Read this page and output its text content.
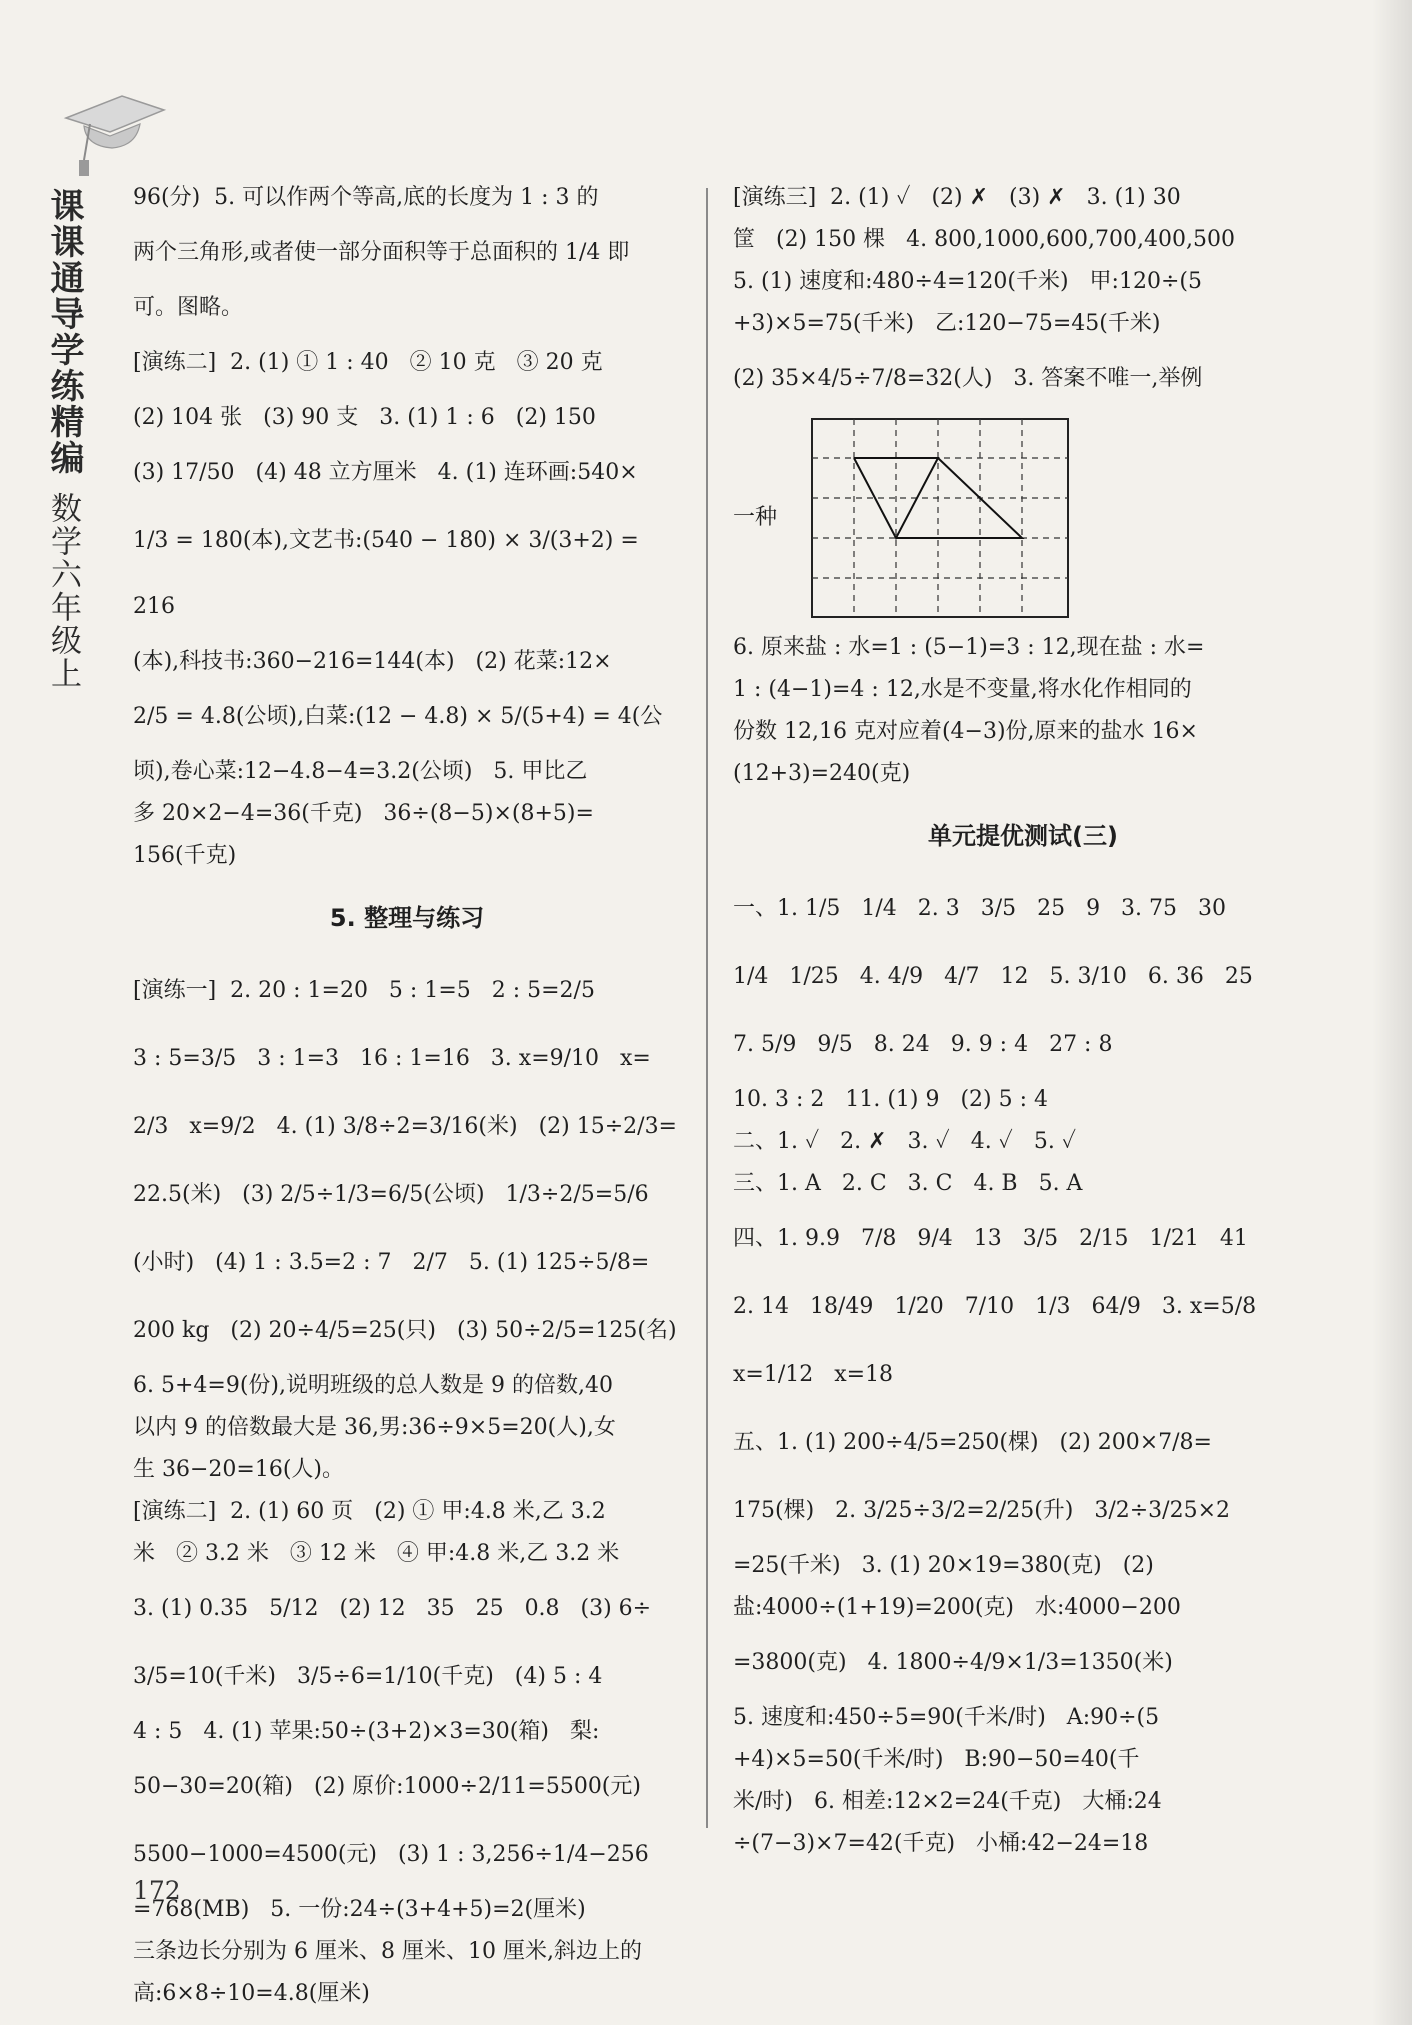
课课通导学练精编
数学六年级上

96(分)  5. 可以作两个等高,底的长度为 1 : 3 的

两个三角形,或者使一部分面积等于总面积的 1/4 即

可。图略。

[演练二]  2. (1) ① 1 : 40   ② 10 克   ③ 20 克

(2) 104 张   (3) 90 支   3. (1) 1 : 6   (2) 150

(3) 17/50   (4) 48 立方厘米   4. (1) 连环画:540×

1/3 = 180(本),文艺书:(540 − 180) × 3/(3+2) = 216

(本),科技书:360−216=144(本)   (2) 花菜:12×

2/5 = 4.8(公顷),白菜:(12 − 4.8) × 5/(5+4) = 4(公

顷),卷心菜:12−4.8−4=3.2(公顷)   5. 甲比乙

多 20×2−4=36(千克)   36÷(8−5)×(8+5)=

156(千克)

5. 整理与练习

[演练一]  2. 20 : 1=20   5 : 1=5   2 : 5=2/5

3 : 5=3/5   3 : 1=3   16 : 1=16   3. x=9/10   x=

2/3   x=9/2   4. (1) 3/8÷2=3/16(米)   (2) 15÷2/3=

22.5(米)   (3) 2/5÷1/3=6/5(公顷)   1/3÷2/5=5/6

(小时)   (4) 1 : 3.5=2 : 7   2/7   5. (1) 125÷5/8=

200 kg   (2) 20÷4/5=25(只)   (3) 50÷2/5=125(名)

6. 5+4=9(份),说明班级的总人数是 9 的倍数,40

以内 9 的倍数最大是 36,男:36÷9×5=20(人),女

生 36−20=16(人)。

[演练二]  2. (1) 60 页   (2) ① 甲:4.8 米,乙 3.2

米   ② 3.2 米   ③ 12 米   ④ 甲:4.8 米,乙 3.2 米

3. (1) 0.35   5/12   (2) 12   35   25   0.8   (3) 6÷

3/5=10(千米)   3/5÷6=1/10(千克)   (4) 5 : 4

4 : 5   4. (1) 苹果:50÷(3+2)×3=30(箱)   梨:

50−30=20(箱)   (2) 原价:1000÷2/11=5500(元)

5500−1000=4500(元)   (3) 1 : 3,256÷1/4−256

=768(MB)   5. 一份:24÷(3+4+5)=2(厘米)

三条边长分别为 6 厘米、8 厘米、10 厘米,斜边上的

高:6×8÷10=4.8(厘米)

[演练三]  2. (1) ✓   (2) ✗   (3) ✗   3. (1) 30

筐   (2) 150 棵   4. 800,1000,600,700,400,500

5. (1) 速度和:480÷4=120(千米)   甲:120÷(5

+3)×5=75(千米)   乙:120−75=45(千米)

(2) 35×4/5÷7/8=32(人)   3. 答案不唯一,举例

一种

6. 原来盐 : 水=1 : (5−1)=3 : 12,现在盐 : 水=

1 : (4−1)=4 : 12,水是不变量,将水化作相同的

份数 12,16 克对应着(4−3)份,原来的盐水 16×

(12+3)=240(克)

单元提优测试(三)

一、1. 1/5   1/4   2. 3   3/5   25   9   3. 75   30

1/4   1/25   4. 4/9   4/7   12   5. 3/10   6. 36   25

7. 5/9   9/5   8. 24   9. 9 : 4   27 : 8

10. 3 : 2   11. (1) 9   (2) 5 : 4

二、1. ✓   2. ✗   3. ✓   4. ✓   5. ✓

三、1. A   2. C   3. C   4. B   5. A

四、1. 9.9   7/8   9/4   13   3/5   2/15   1/21   41

2. 14   18/49   1/20   7/10   1/3   64/9   3. x=5/8

x=1/12   x=18

五、1. (1) 200÷4/5=250(棵)   (2) 200×7/8=

175(棵)   2. 3/25÷3/2=2/25(升)   3/2÷3/25×2

=25(千米)   3. (1) 20×19=380(克)   (2)

盐:4000÷(1+19)=200(克)   水:4000−200

=3800(克)   4. 1800÷4/9×1/3=1350(米)

5. 速度和:450÷5=90(千米/时)   A:90÷(5

+4)×5=50(千米/时)   B:90−50=40(千

米/时)   6. 相差:12×2=24(千克)   大桶:24

÷(7−3)×7=42(千克)   小桶:42−24=18

172
